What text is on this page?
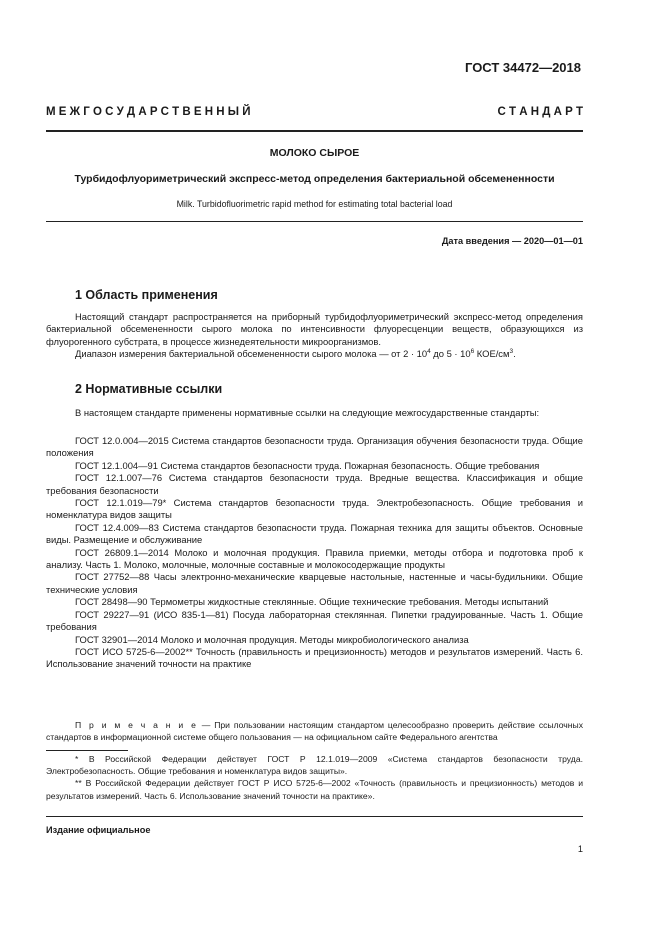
ГОСТ 34472—2018
М Е Ж Г О С У Д А Р С Т В Е Н Н Ы Й	С Т А Н Д А Р Т
МОЛОКО СЫРОЕ
Турбидофлуориметрический экспресс-метод определения бактериальной обсемененности
Milk. Turbidofluorimetric rapid method for estimating total bacterial load
Дата введения — 2020—01—01
1 Область применения

Настоящий стандарт распространяется на приборный турбидофлуориметрический экспресс-метод определения бактериальной обсемененности сырого молока по интенсивности флуоресценции веществ, образующихся из флуорогенного субстрата, в процессе жизнедеятельности микроорганизмов.

Диапазон измерения бактериальной обсемененности сырого молока — от $2 \cdot 10^4$ до $5 \cdot 10^6$ КОЕ/$см^3$.

2 Нормативные ссылки
В настоящем стандарте применены нормативные ссылки на следующие межгосударственные стандарты:

ГОСТ 12.0.004—2015 Система стандартов безопасности труда. Организация обучения безопасности труда. Общие положения

ГОСТ 12.1.004—91 Система стандартов безопасности труда. Пожарная безопасность. Общие требования

ГОСТ 12.1.007—76 Система стандартов безопасности труда. Вредные вещества. Классификация и общие требования безопасности

ГОСТ 12.1.019—79* Система стандартов безопасности труда. Электробезопасность. Общие требования и номенклатура видов защиты

ГОСТ 12.4.009—83 Система стандартов безопасности труда. Пожарная техника для защиты объектов. Основные виды. Размещение и обслуживание

ГОСТ 26809.1—2014 Молоко и молочная продукция. Правила приемки, методы отбора и подготовка проб к анализу. Часть 1. Молоко, молочные, молочные составные и молокосодержащие продукты

ГОСТ 27752—88 Часы электронно-механические кварцевые настольные, настенные и часы-будильники. Общие технические условия

ГОСТ 28498—90 Термометры жидкостные стеклянные. Общие технические требования. Методы испытаний

ГОСТ 29227—91 (ИСО 835-1—81) Посуда лабораторная стеклянная. Пипетки градуированные. Часть 1. Общие требования

ГОСТ 32901—2014 Молоко и молочная продукция. Методы микробиологического анализа

ГОСТ ИСО 5725-6—2002** Точность (правильность и прецизионность) методов и результатов измерений. Часть 6. Использование значений точности на практике

П р и м е ч а н и е — При пользовании настоящим стандартом целесообразно проверить действие ссылочных стандартов в информационной системе общего пользования — на официальном сайте Федерального агентства

* В Российской Федерации действует ГОСТ Р 12.1.019—2009 «Система стандартов безопасности труда. Электробезопасность. Общие требования и номенклатура видов защиты».

** В Российской Федерации действует ГОСТ Р ИСО 5725-6—2002 «Точность (правильность и прецизионность) методов и результатов измерений. Часть 6. Использование значений точности на практике».

Издание официальное
1
